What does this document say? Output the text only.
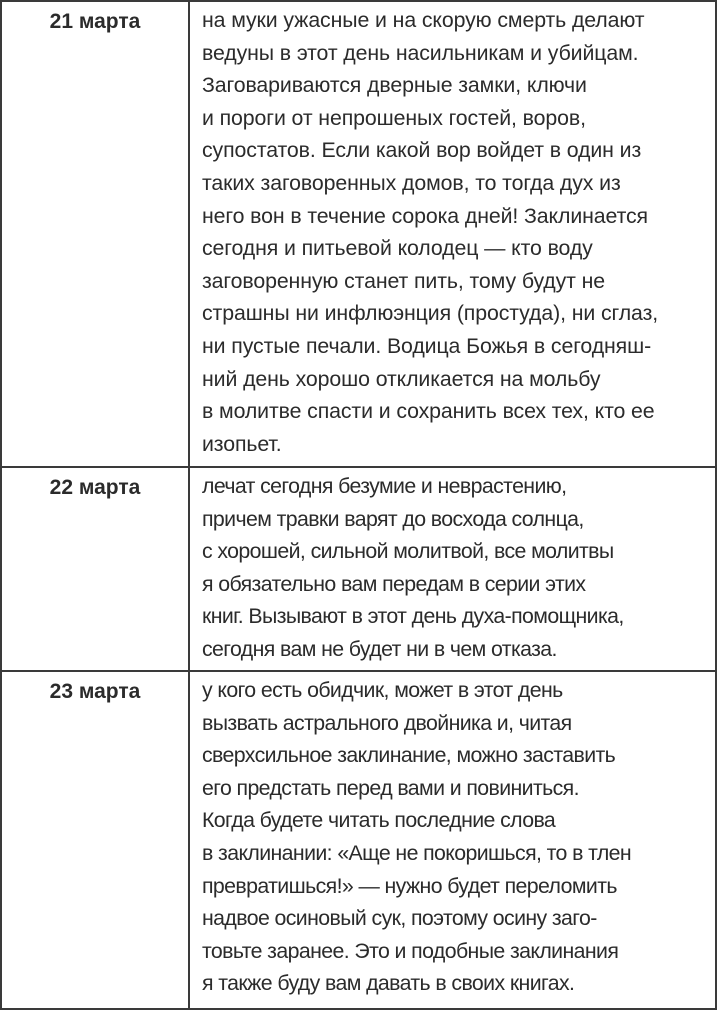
21 марта	на муки ужасные и на скорую смерть делают
ведуны в этот день насильникам и убийцам.
Заговариваются дверные замки, ключи
и пороги от непрошеных гостей, воров,
супостатов. Если какой вор войдет в один из
таких заговоренных домов, то тогда дух из
него вон в течение сорока дней! Заклинается
сегодня и питьевой колодец — кто воду
заговоренную станет пить, тому будут не
страшны ни инфлюэнция (простуда), ни сглаз,
ни пустые печали. Водица Божья в сегодняш-
ний день хорошо откликается на мольбу
в молитве спасти и сохранить всех тех, кто ее
изопьет.

22 марта	лечат сегодня безумие и неврастению,
причем травки варят до восхода солнца,
с хорошей, сильной молитвой, все молитвы
я обязательно вам передам в серии этих
книг. Вызывают в этот день духа-помощника,
сегодня вам не будет ни в чем отказа.

23 марта	у кого есть обидчик, может в этот день
вызвать астрального двойника и, читая
сверхсильное заклинание, можно заставить
его предстать перед вами и повиниться.
Когда будете читать последние слова
в заклинании: «Аще не покоришься, то в тлен
превратишься!» — нужно будет переломить
надвое осиновый сук, поэтому осину заго-
товьте заранее. Это и подобные заклинания
я также буду вам давать в своих книгах.
